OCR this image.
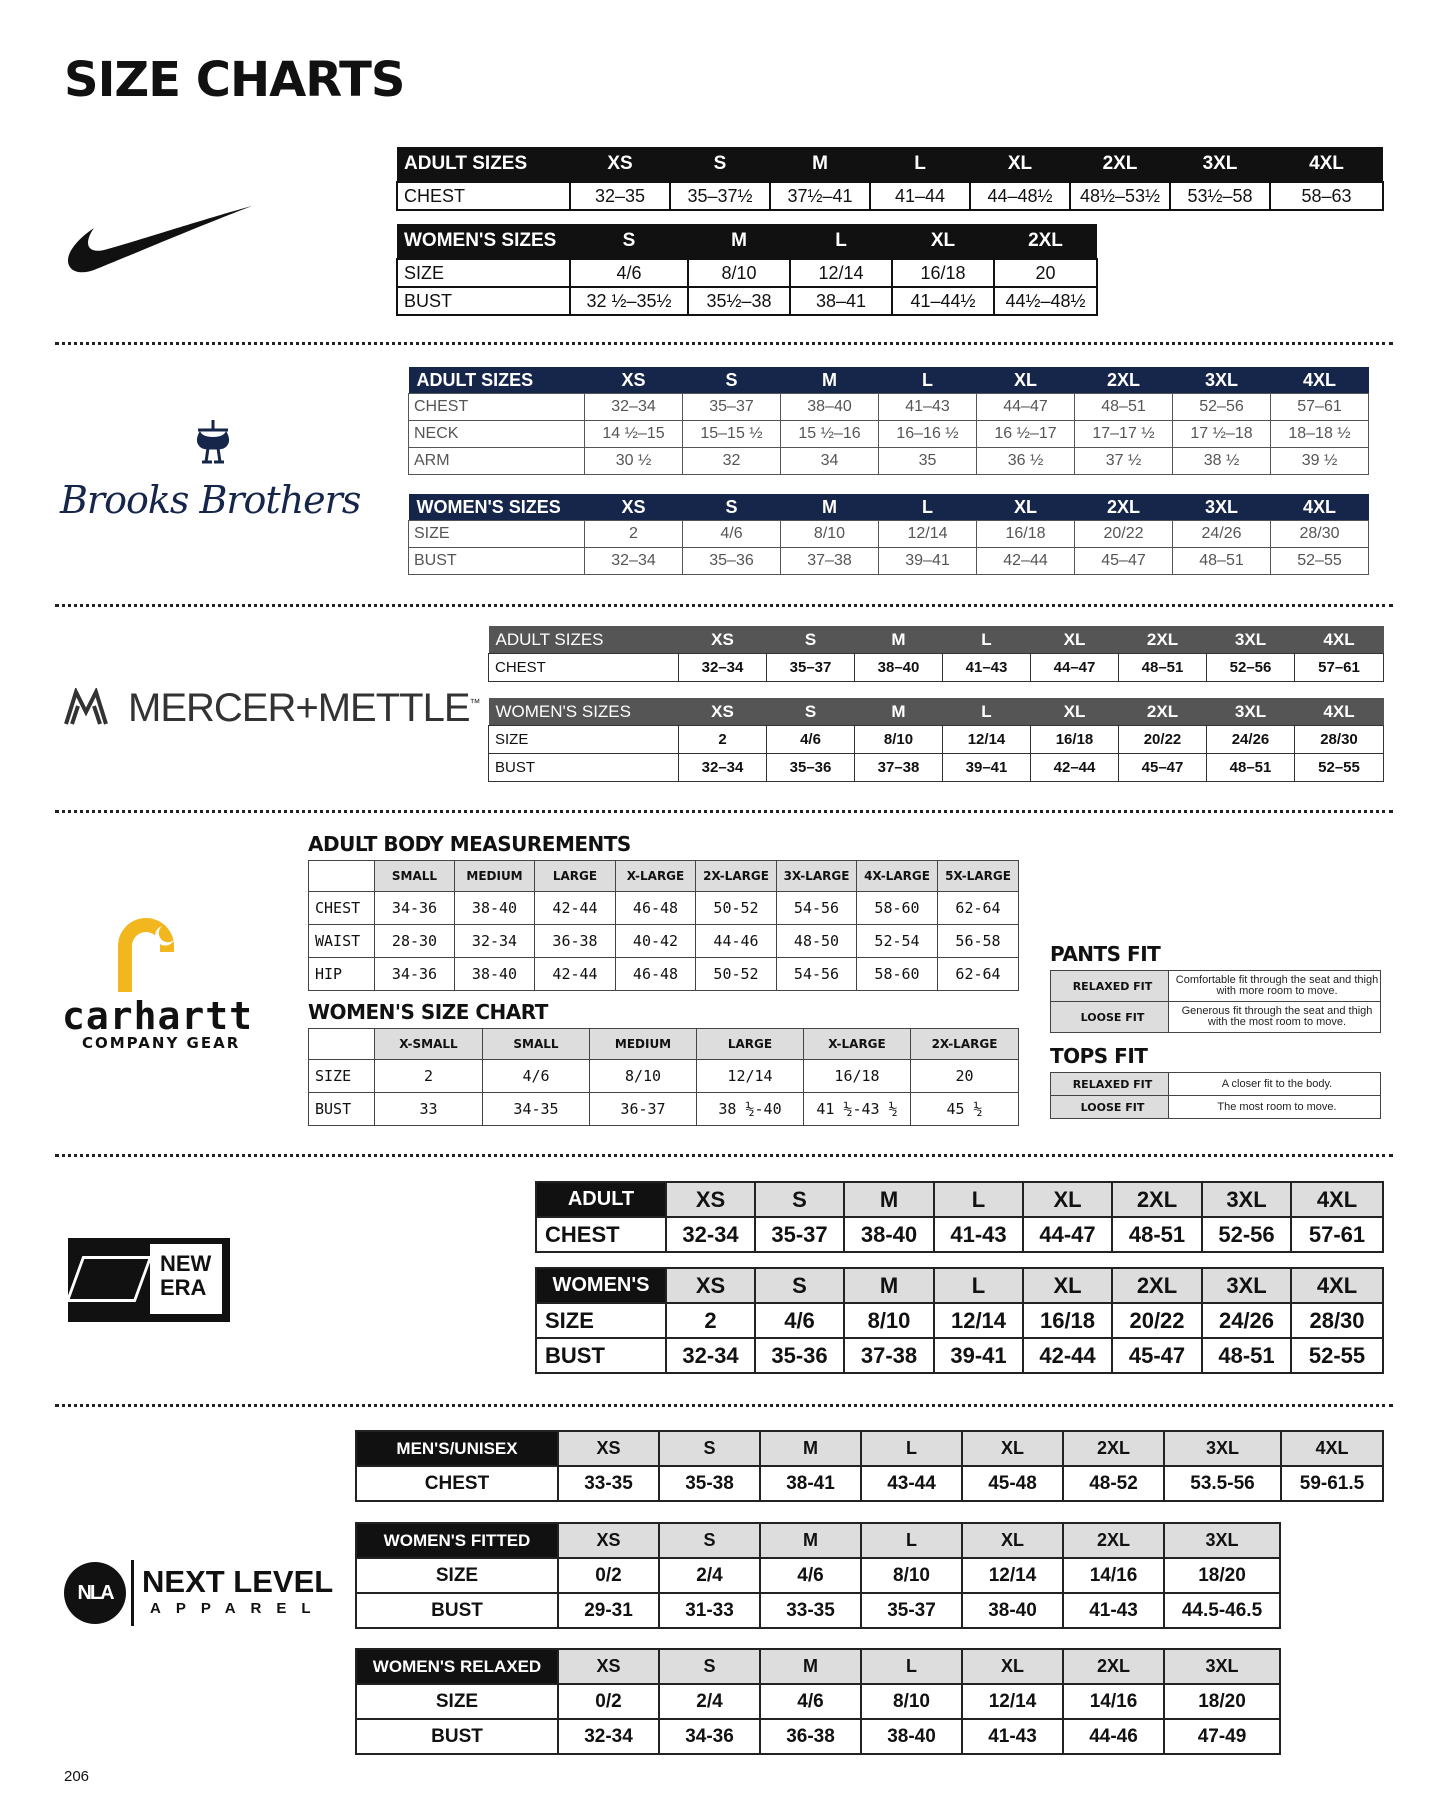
SIZE CHARTS
ADULT SIZES	XS	S	M	L	XL	2XL	3XL	4XL
CHEST	32–35	35–37½	37½–41	41–44	44–48½	48½–53½	53½–58	58–63
WOMEN'S SIZES	S	M	L	XL	2XL
SIZE	4/6	8/10	12/14	16/18	20
BUST	32 ½–35½	35½–38	38–41	41–44½	44½–48½
Brooks Brothers
ADULT SIZES	XS	S	M	L	XL	2XL	3XL	4XL
CHEST	32–34	35–37	38–40	41–43	44–47	48–51	52–56	57–61
NECK	14 ½–15	15–15 ½	15 ½–16	16–16 ½	16 ½–17	17–17 ½	17 ½–18	18–18 ½
ARM	30 ½	32	34	35	36 ½	37 ½	38 ½	39 ½
WOMEN'S SIZES	XS	S	M	L	XL	2XL	3XL	4XL
SIZE	2	4/6	8/10	12/14	16/18	20/22	24/26	28/30
BUST	32–34	35–36	37–38	39–41	42–44	45–47	48–51	52–55
MERCER+METTLE™
ADULT SIZES	XS	S	M	L	XL	2XL	3XL	4XL
CHEST	32–34	35–37	38–40	41–43	44–47	48–51	52–56	57–61
WOMEN'S SIZES	XS	S	M	L	XL	2XL	3XL	4XL
SIZE	2	4/6	8/10	12/14	16/18	20/22	24/26	28/30
BUST	32–34	35–36	37–38	39–41	42–44	45–47	48–51	52–55
carhartt
COMPANY GEAR
ADULT BODY MEASUREMENTS
	SMALL	MEDIUM	LARGE	X-LARGE	2X-LARGE	3X-LARGE	4X-LARGE	5X-LARGE
CHEST	34-36	38-40	42-44	46-48	50-52	54-56	58-60	62-64
WAIST	28-30	32-34	36-38	40-42	44-46	48-50	52-54	56-58
HIP	34-36	38-40	42-44	46-48	50-52	54-56	58-60	62-64
WOMEN'S SIZE CHART
	X-SMALL	SMALL	MEDIUM	LARGE	X-LARGE	2X-LARGE
SIZE	2	4/6	8/10	12/14	16/18	20
BUST	33	34-35	36-37	38 ½-40	41 ½-43 ½	45 ½
PANTS FIT
RELAXED FIT	Comfortable fit through the seat and thigh with more room to move.
LOOSE FIT	Generous fit through the seat and thigh with the most room to move.
TOPS FIT
RELAXED FIT	A closer fit to the body.
LOOSE FIT	The most room to move.
NEW ERA
ADULT	XS	S	M	L	XL	2XL	3XL	4XL
CHEST	32-34	35-37	38-40	41-43	44-47	48-51	52-56	57-61
WOMEN'S	XS	S	M	L	XL	2XL	3XL	4XL
SIZE	2	4/6	8/10	12/14	16/18	20/22	24/26	28/30
BUST	32-34	35-36	37-38	39-41	42-44	45-47	48-51	52-55
NLA NEXT LEVEL
APPAREL
MEN'S/UNISEX	XS	S	M	L	XL	2XL	3XL	4XL
CHEST	33-35	35-38	38-41	43-44	45-48	48-52	53.5-56	59-61.5
WOMEN'S FITTED	XS	S	M	L	XL	2XL	3XL
SIZE	0/2	2/4	4/6	8/10	12/14	14/16	18/20
BUST	29-31	31-33	33-35	35-37	38-40	41-43	44.5-46.5
WOMEN'S RELAXED	XS	S	M	L	XL	2XL	3XL
SIZE	0/2	2/4	4/6	8/10	12/14	14/16	18/20
BUST	32-34	34-36	36-38	38-40	41-43	44-46	47-49
206
